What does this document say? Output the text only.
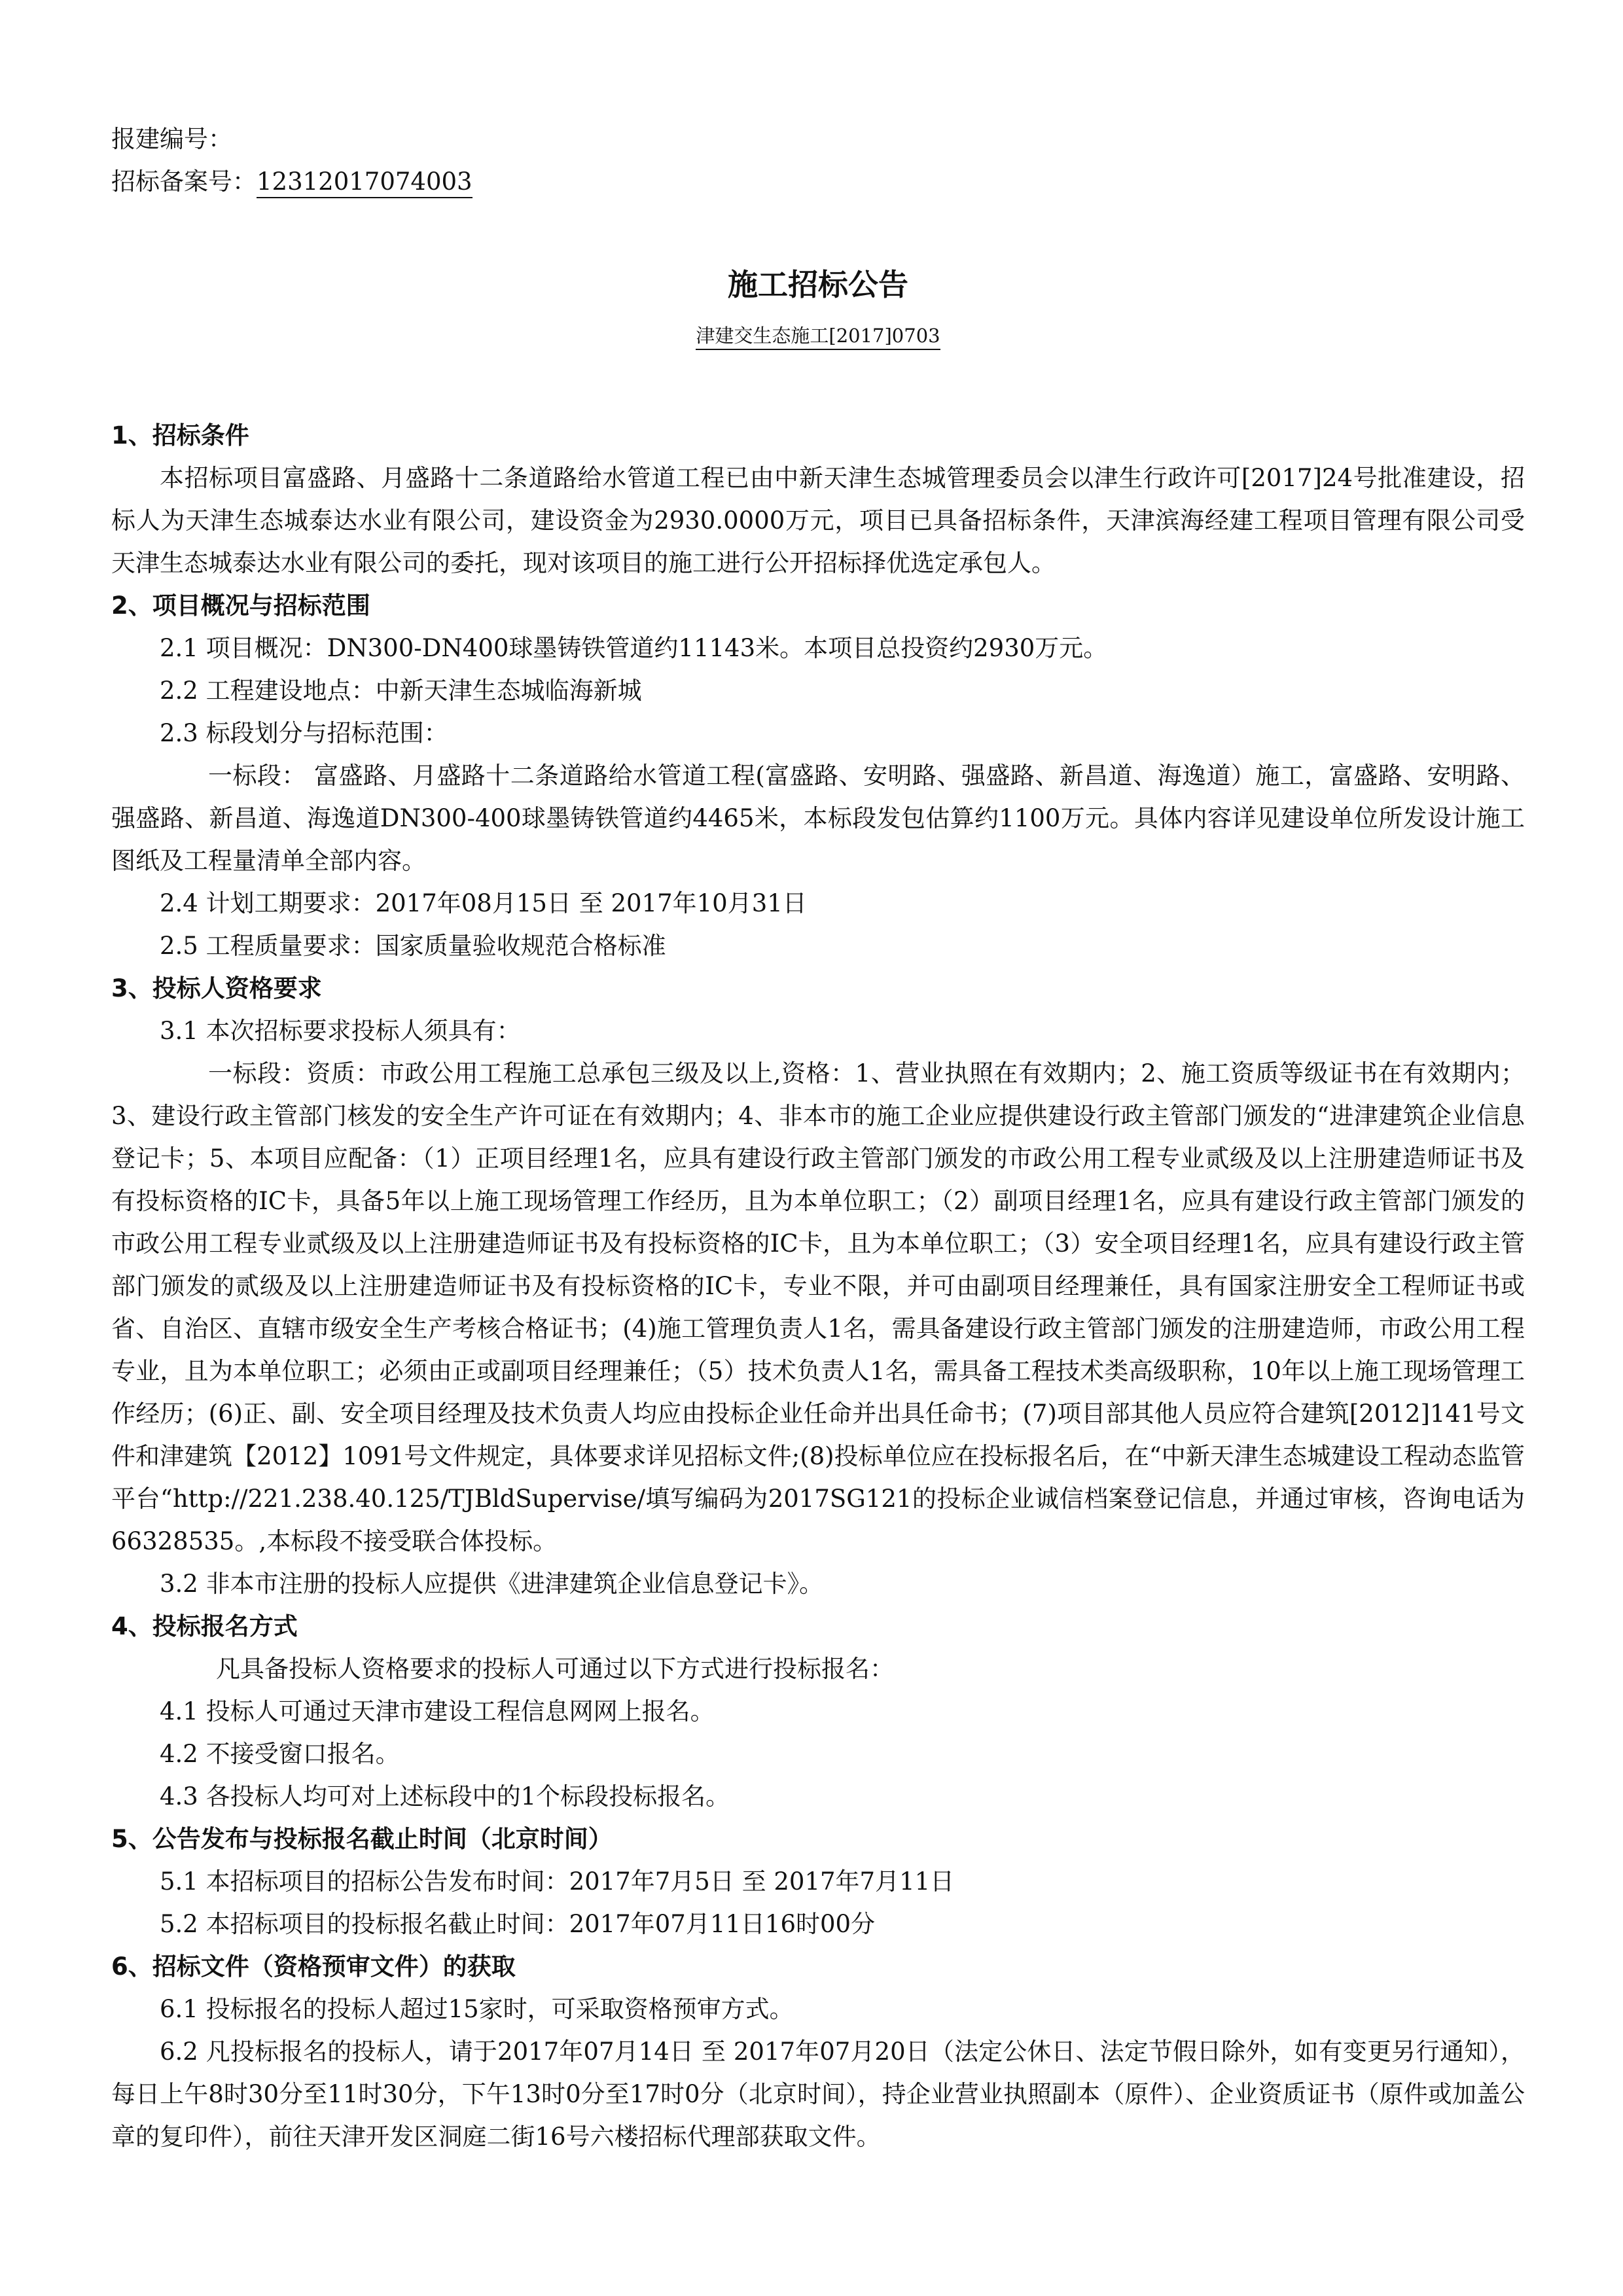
报建编号：
招标备案号：12312017074003
施工招标公告
津建交生态施工[2017]0703
1、招标条件

本招标项目富盛路、月盛路十二条道路给水管道工程已由中新天津生态城管理委员会以津生行政许可[2017]24号批准建设，招标人为天津生态城泰达水业有限公司，建设资金为2930.0000万元，项目已具备招标条件，天津滨海经建工程项目管理有限公司受天津生态城泰达水业有限公司的委托，现对该项目的施工进行公开招标择优选定承包人。

2、项目概况与招标范围

2.1 项目概况：DN300-DN400球墨铸铁管道约11143米。本项目总投资约2930万元。

2.2 工程建设地点：中新天津生态城临海新城

2.3 标段划分与招标范围：

一标段： 富盛路、月盛路十二条道路给水管道工程(富盛路、安明路、强盛路、新昌道、海逸道）施工，富盛路、安明路、强盛路、新昌道、海逸道DN300-400球墨铸铁管道约4465米，本标段发包估算约1100万元。具体内容详见建设单位所发设计施工图纸及工程量清单全部内容。

2.4 计划工期要求：2017年08月15日 至 2017年10月31日

2.5 工程质量要求：国家质量验收规范合格标准

3、投标人资格要求

3.1 本次招标要求投标人须具有：

一标段：资质：市政公用工程施工总承包三级及以上,资格：1、营业执照在有效期内；2、施工资质等级证书在有效期内；3、建设行政主管部门核发的安全生产许可证在有效期内；4、非本市的施工企业应提供建设行政主管部门颁发的“进津建筑企业信息登记卡；5、本项目应配备：（1）正项目经理1名，应具有建设行政主管部门颁发的市政公用工程专业贰级及以上注册建造师证书及有投标资格的IC卡，具备5年以上施工现场管理工作经历，且为本单位职工；（2）副项目经理1名，应具有建设行政主管部门颁发的市政公用工程专业贰级及以上注册建造师证书及有投标资格的IC卡，且为本单位职工；（3）安全项目经理1名，应具有建设行政主管部门颁发的贰级及以上注册建造师证书及有投标资格的IC卡，专业不限，并可由副项目经理兼任，具有国家注册安全工程师证书或省、自治区、直辖市级安全生产考核合格证书；(4)施工管理负责人1名，需具备建设行政主管部门颁发的注册建造师，市政公用工程专业，且为本单位职工；必须由正或副项目经理兼任；（5）技术负责人1名，需具备工程技术类高级职称，10年以上施工现场管理工作经历；(6)正、副、安全项目经理及技术负责人均应由投标企业任命并出具任命书；(7)项目部其他人员应符合建筑[2012]141号文件和津建筑【2012】1091号文件规定，具体要求详见招标文件;(8)投标单位应在投标报名后，在“中新天津生态城建设工程动态监管平台“http://221.238.40.125/TJBldSupervise/填写编码为2017SG121的投标企业诚信档案登记信息，并通过审核，咨询电话为66328535。,本标段不接受联合体投标。

3.2 非本市注册的投标人应提供《进津建筑企业信息登记卡》。

4、投标报名方式

凡具备投标人资格要求的投标人可通过以下方式进行投标报名：

4.1 投标人可通过天津市建设工程信息网网上报名。

4.2 不接受窗口报名。

4.3 各投标人均可对上述标段中的1个标段投标报名。

5、公告发布与投标报名截止时间（北京时间）

5.1 本招标项目的招标公告发布时间：2017年7月5日 至 2017年7月11日

5.2 本招标项目的投标报名截止时间：2017年07月11日16时00分

6、招标文件（资格预审文件）的获取

6.1 投标报名的投标人超过15家时，可采取资格预审方式。

6.2 凡投标报名的投标人，请于2017年07月14日 至 2017年07月20日（法定公休日、法定节假日除外，如有变更另行通知），每日上午8时30分至11时30分，下午13时0分至17时0分（北京时间），持企业营业执照副本（原件）、企业资质证书（原件或加盖公章的复印件），前往天津开发区洞庭二街16号六楼招标代理部获取文件。
